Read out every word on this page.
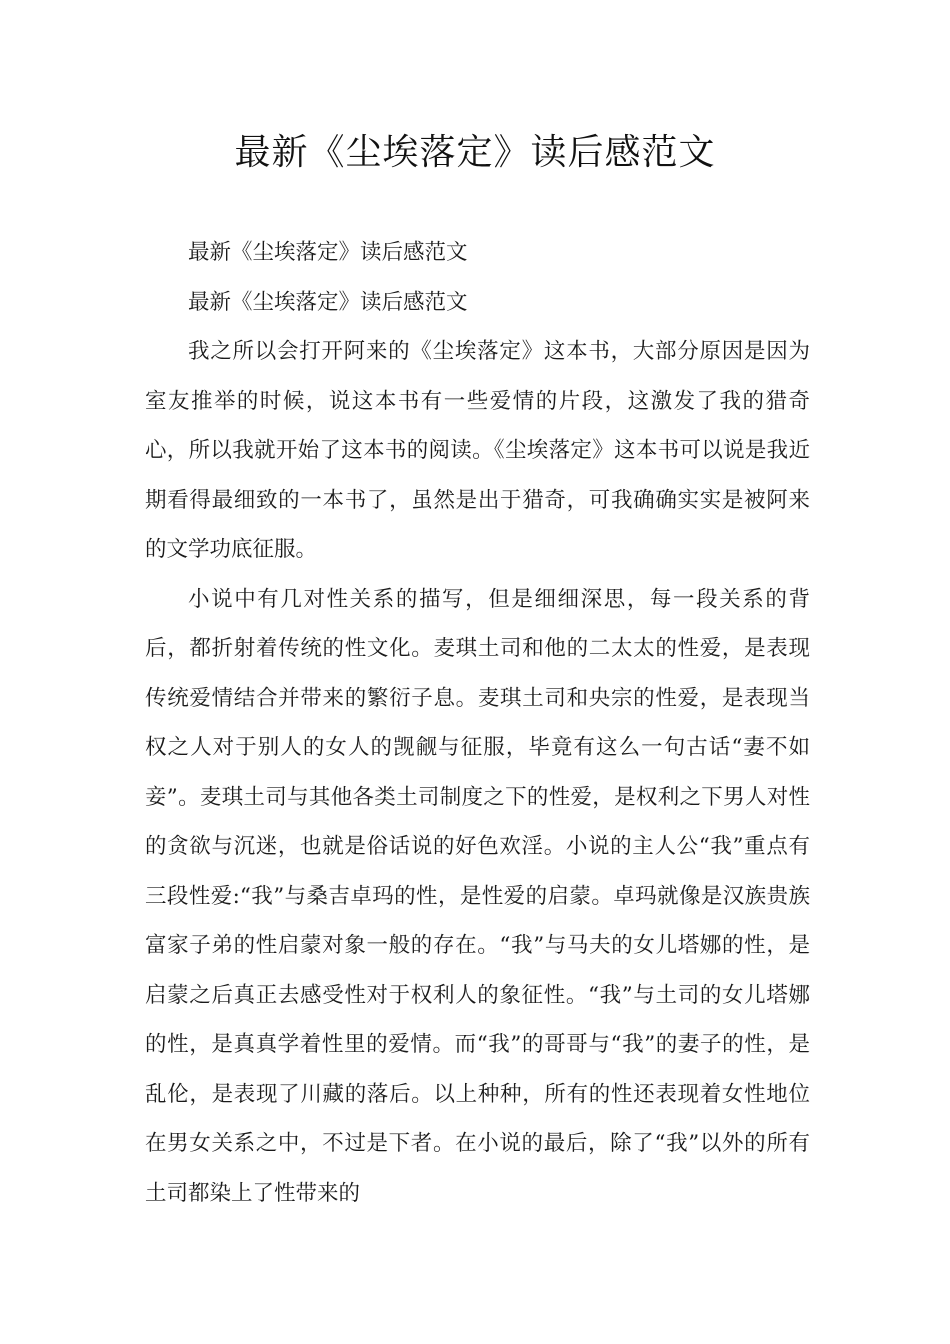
最新《尘埃落定》读后感范文

最新《尘埃落定》读后感范文

最新《尘埃落定》读后感范文

我之所以会打开阿来的《尘埃落定》这本书，大部分原因是因为室友推举的时候，说这本书有一些爱情的片段，这激发了我的猎奇心，所以我就开始了这本书的阅读。《尘埃落定》这本书可以说是我近期看得最细致的一本书了，虽然是出于猎奇，可我确确实实是被阿来的文学功底征服。

小说中有几对性关系的描写，但是细细深思，每一段关系的背后，都折射着传统的性文化。麦琪土司和他的二太太的性爱，是表现传统爱情结合并带来的繁衍子息。麦琪土司和央宗的性爱，是表现当权之人对于别人的女人的觊觎与征服，毕竟有这么一句古话“妻不如妾”。麦琪土司与其他各类土司制度之下的性爱，是权利之下男人对性的贪欲与沉迷，也就是俗话说的好色欢淫。小说的主人公“我”重点有三段性爱:“我”与桑吉卓玛的性，是性爱的启蒙。卓玛就像是汉族贵族富家子弟的性启蒙对象一般的存在。“我”与马夫的女儿塔娜的性，是启蒙之后真正去感受性对于权利人的象征性。“我”与土司的女儿塔娜的性，是真真学着性里的爱情。而“我”的哥哥与“我”的妻子的性，是乱伦，是表现了川藏的落后。以上种种，所有的性还表现着女性地位在男女关系之中，不过是下者。在小说的最后，除了“我”以外的所有土司都染上了性带来的
